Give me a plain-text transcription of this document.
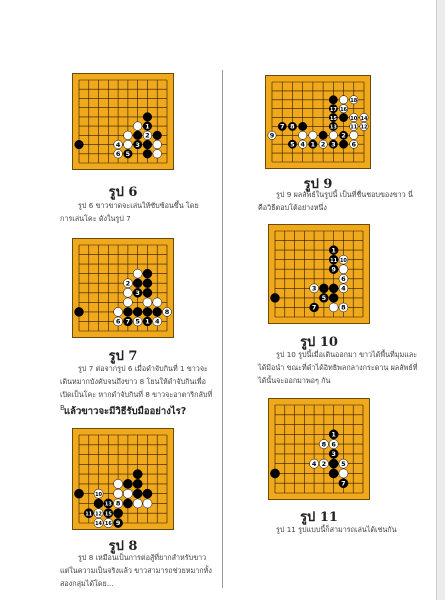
1
3
5
2
4
6
รูป 6
รูป 6 ขาวขาดจะเล่นให้ซับซ้อนขึ้น โดยการเล่นโคะ ดังในรูป 7
3
7 1
2
6 5 4
8
รูป 7
รูป 7 ต่อจากรูป 6 เมื่อดำจับกินที่ 1 ขาวจะเดินหมากบังคับจนถึงขาว 8 โยนให้ดำจับกินเพื่อเปิดเป็นโคะ หากดำจับกินที่ 8 ขาวจะอาตาริกลับที่ B แล้วขาวจะมีวิธีรับมืออย่างไร?
13
15
11
9
10
8
12
16
14
รูป 8
รูป 8 เหมือนเป็นการต่อสู้ที่ยากสำหรับขาว แต่ในความเป็นจริงแล้ว ขาวสามารถช่วยหมากทั้งสองกลุ่มได้โดย...
17
15
13
7 8
5 1 3
2
18
16
10 14
11 12
9
4 2	6
รูป 9
รูป 9 ผลลัพธ์ในรูปนี้ เป็นที่ชื่นชอบของขาว นี่คือวิธีตอบโต้อย่างหนึ่ง
1
11
9
5
7
10
6
3	4
8
รูป 10
รูป 10 รูปนี้เมื่อเดินออกมา ขาวได้พื้นที่มุมและได้มีอนำ ขณะที่ดำได้อิทธิพลกลางกระดาน ผลลัพธ์ที่ได้นั้นจะออกมาพอๆ กัน
1
3
7
8 6
5
2
4
รูป 11
รูป 11 รูปแบบนี้ก็สามารถเล่นได้เช่นกัน
